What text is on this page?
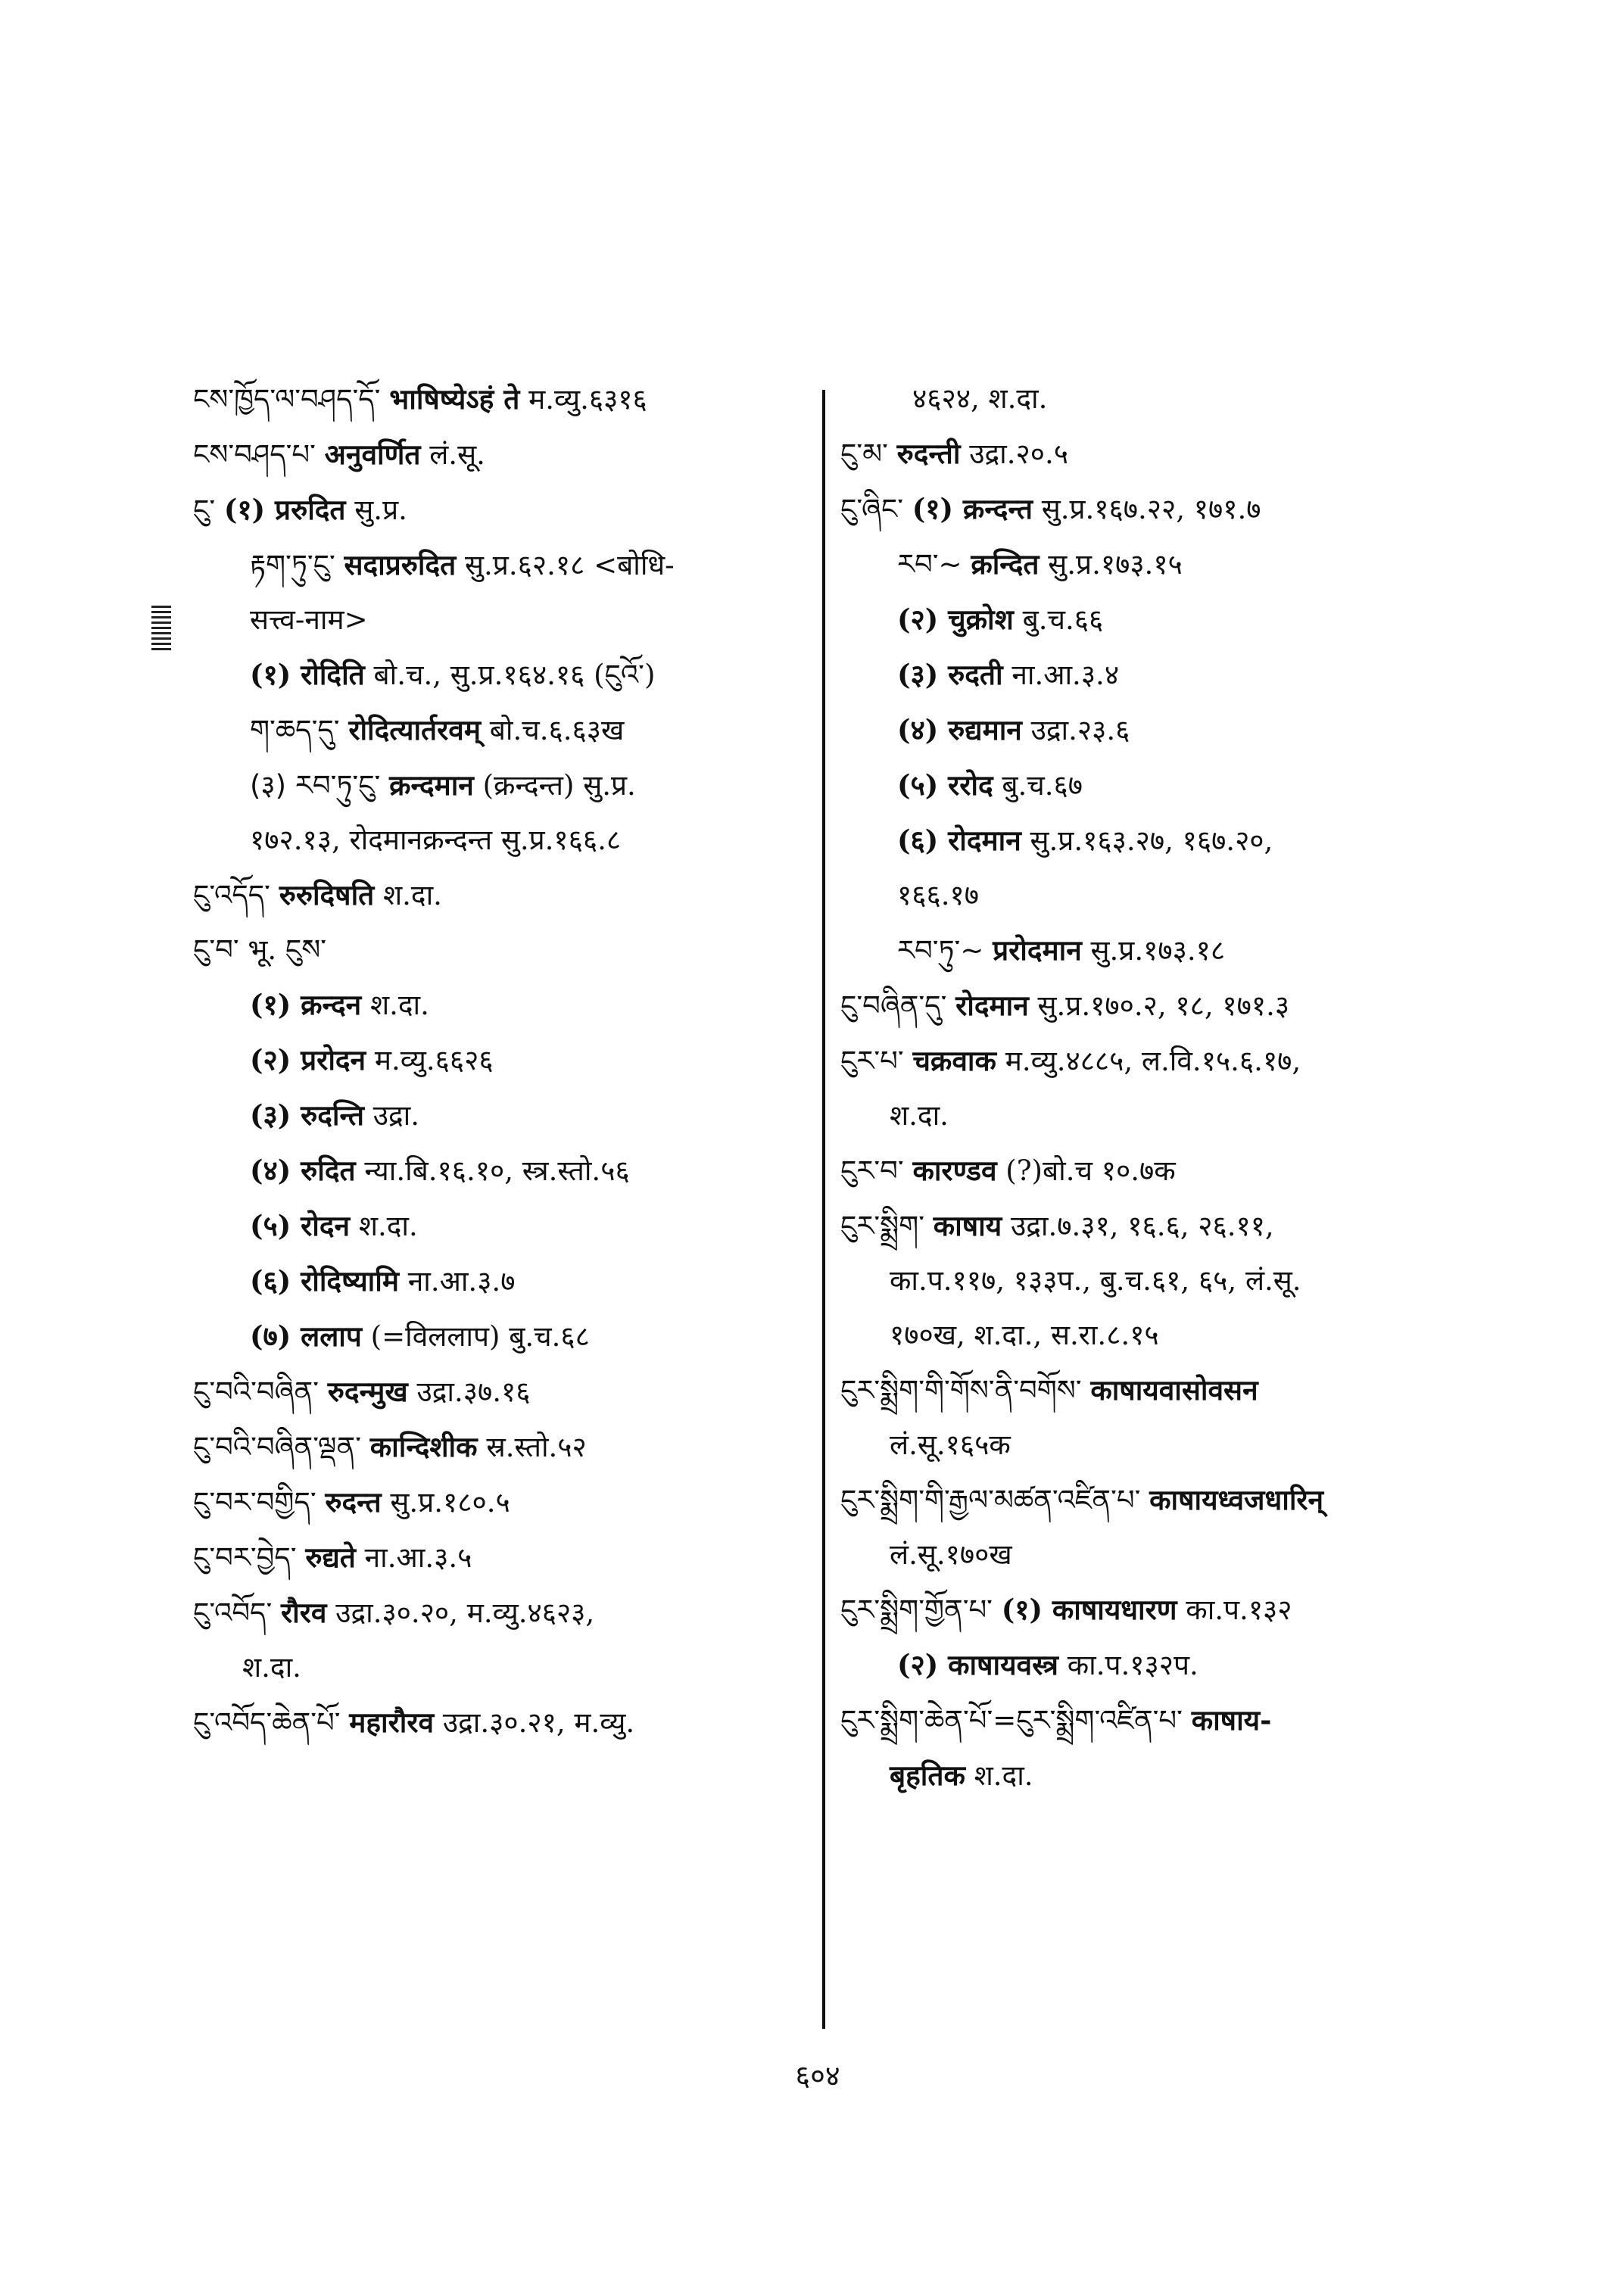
ངས་ཁྱོད་ལ་བཤད་དོ་ भाषिष्येऽहं ते म.व्यु.६३१६
ངས་བཤད་པ་ अनुवर्णित लं.सू.
ངུ་ (१) प्ररुदित सु.प्र.
རྟག་ཏུ་ངུ་ सदाप्ररुदित सु.प्र.६२.१८ <बोधि-
सत्त्व-नाम>
(१) रोदिति बो.च., सु.प्र.१६४.१६ (ངུའོ་)
ག་ཆད་དུ་ रोदित्यार्तरवम् बो.च.६.६३ख
(३) རབ་ཏུ་ངུ་ क्रन्दमान (क्रन्दन्त) सु.प्र.
१७२.१३, रोदमानक्रन्दन्त सु.प्र.१६६.८
ངུ་འདོད་ रुरुदिषति श.दा.
ངུ་བ་ भू. ངུས་
(१) क्रन्दन श.दा.
(२) प्ररोदन म.व्यु.६६२६
(३) रुदन्ति उद्रा.
(४) रुदित न्या.बि.१६.१०, स्त्र.स्तो.५६
(५) रोदन श.दा.
(६) रोदिष्यामि ना.आ.३.७
(७) ललाप (=विललाप) बु.च.६८
ངུ་བའི་བཞིན་ रुदन्मुख उद्रा.३७.१६
ངུ་བའི་བཞིན་ལྡན་ कान्दिशीक स्र.स्तो.५२
ངུ་བར་བགྱིད་ रुदन्त सु.प्र.१८०.५
ངུ་བར་བྱེད་ रुद्यते ना.आ.३.५
ངུ་འབོད་ रौरव उद्रा.३०.२०, म.व्यु.४६२३,
श.दा.
ངུ་འབོད་ཆེན་པོ་ महारौरव उद्रा.३०.२१, म.व्यु.
४६२४, श.दा.
ངུ་མ་ रुदन्ती उद्रा.२०.५
ངུ་ཞིང་ (१) क्रन्दन्त सु.प्र.१६७.२२, १७१.७
རབ་~ क्रन्दित सु.प्र.१७३.१५
(२) चुक्रोश बु.च.६६
(३) रुदती ना.आ.३.४
(४) रुद्यमान उद्रा.२३.६
(५) ररोद बु.च.६७
(६) रोदमान सु.प्र.१६३.२७, १६७.२०,
१६६.१७
རབ་ཏུ་~ प्ररोदमान सु.प्र.१७३.१८
ངུ་བཞིན་དུ་ रोदमान सु.प्र.१७०.२, १८, १७१.३
ངུར་པ་ चक्रवाक म.व्यु.४८८५, ल.वि.१५.६.१७,
श.दा.
ངུར་བ་ कारण्डव (?)बो.च १०.७क
ངུར་སྨྲིག་ काषाय उद्रा.७.३१, १६.६, २६.११,
का.प.११७, १३३प., बु.च.६१, ६५, लं.सू.
१७०ख, श.दा., स.रा.८.१५
ངུར་སྨྲིག་གི་གོས་ནི་བགོས་ काषायवासोवसन
लं.सू.१६५क
ངུར་སྨྲིག་གི་རྒྱལ་མཚན་འཛིན་པ་ काषायध्वजधारिन्
लं.सू.१७०ख
ངུར་སྨྲིག་གྱོན་པ་ (१) काषायधारण का.प.१३२
(२) काषायवस्त्र का.प.१३२प.
ངུར་སྨྲིག་ཆེན་པོ་=ངུར་སྨྲིག་འཛིན་པ་ काषाय-
बृहतिक श.दा.
६०४
